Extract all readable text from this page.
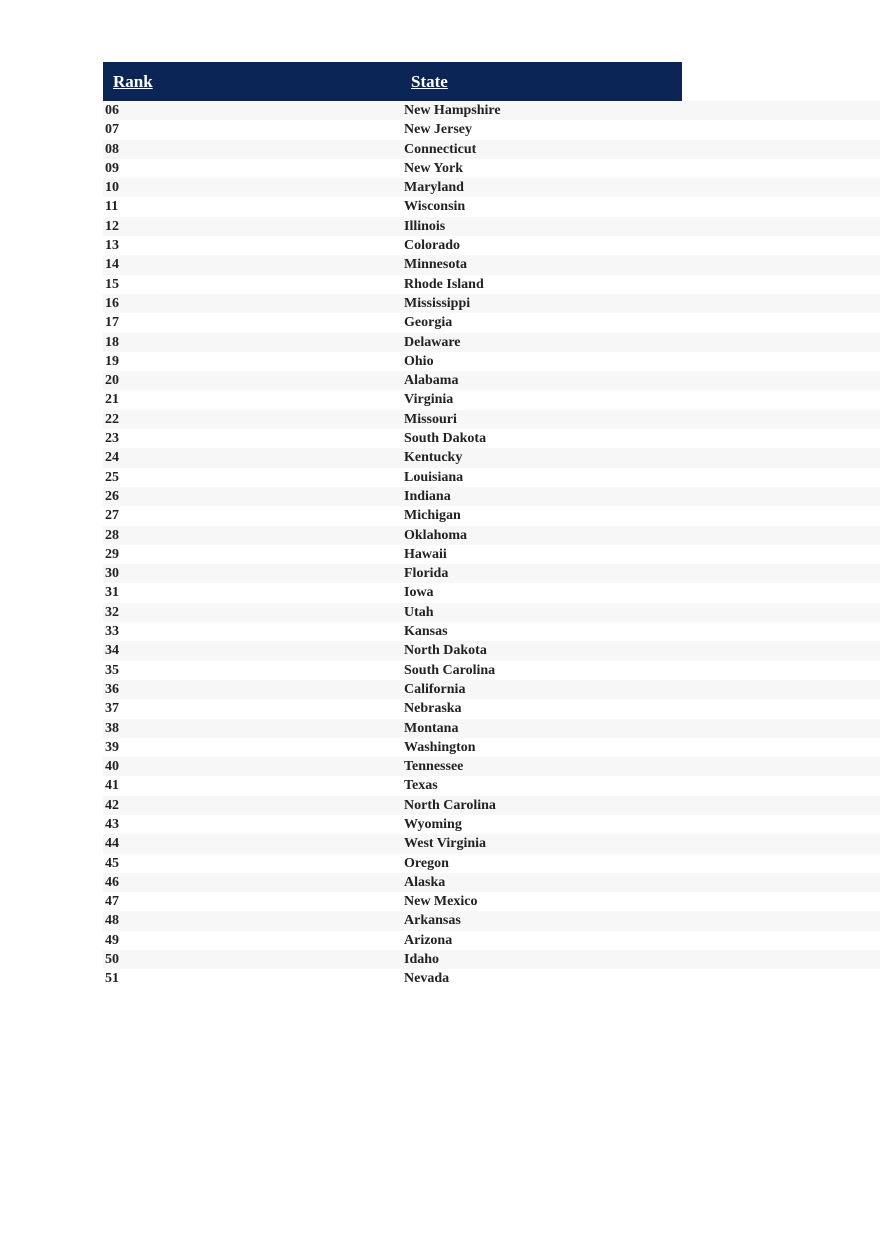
Rank	State
06	New Hampshire
07	New Jersey
08	Connecticut
09	New York
10	Maryland
11	Wisconsin
12	Illinois
13	Colorado
14	Minnesota
15	Rhode Island
16	Mississippi
17	Georgia
18	Delaware
19	Ohio
20	Alabama
21	Virginia
22	Missouri
23	South Dakota
24	Kentucky
25	Louisiana
26	Indiana
27	Michigan
28	Oklahoma
29	Hawaii
30	Florida
31	Iowa
32	Utah
33	Kansas
34	North Dakota
35	South Carolina
36	California
37	Nebraska
38	Montana
39	Washington
40	Tennessee
41	Texas
42	North Carolina
43	Wyoming
44	West Virginia
45	Oregon
46	Alaska
47	New Mexico
48	Arkansas
49	Arizona
50	Idaho
51	Nevada
